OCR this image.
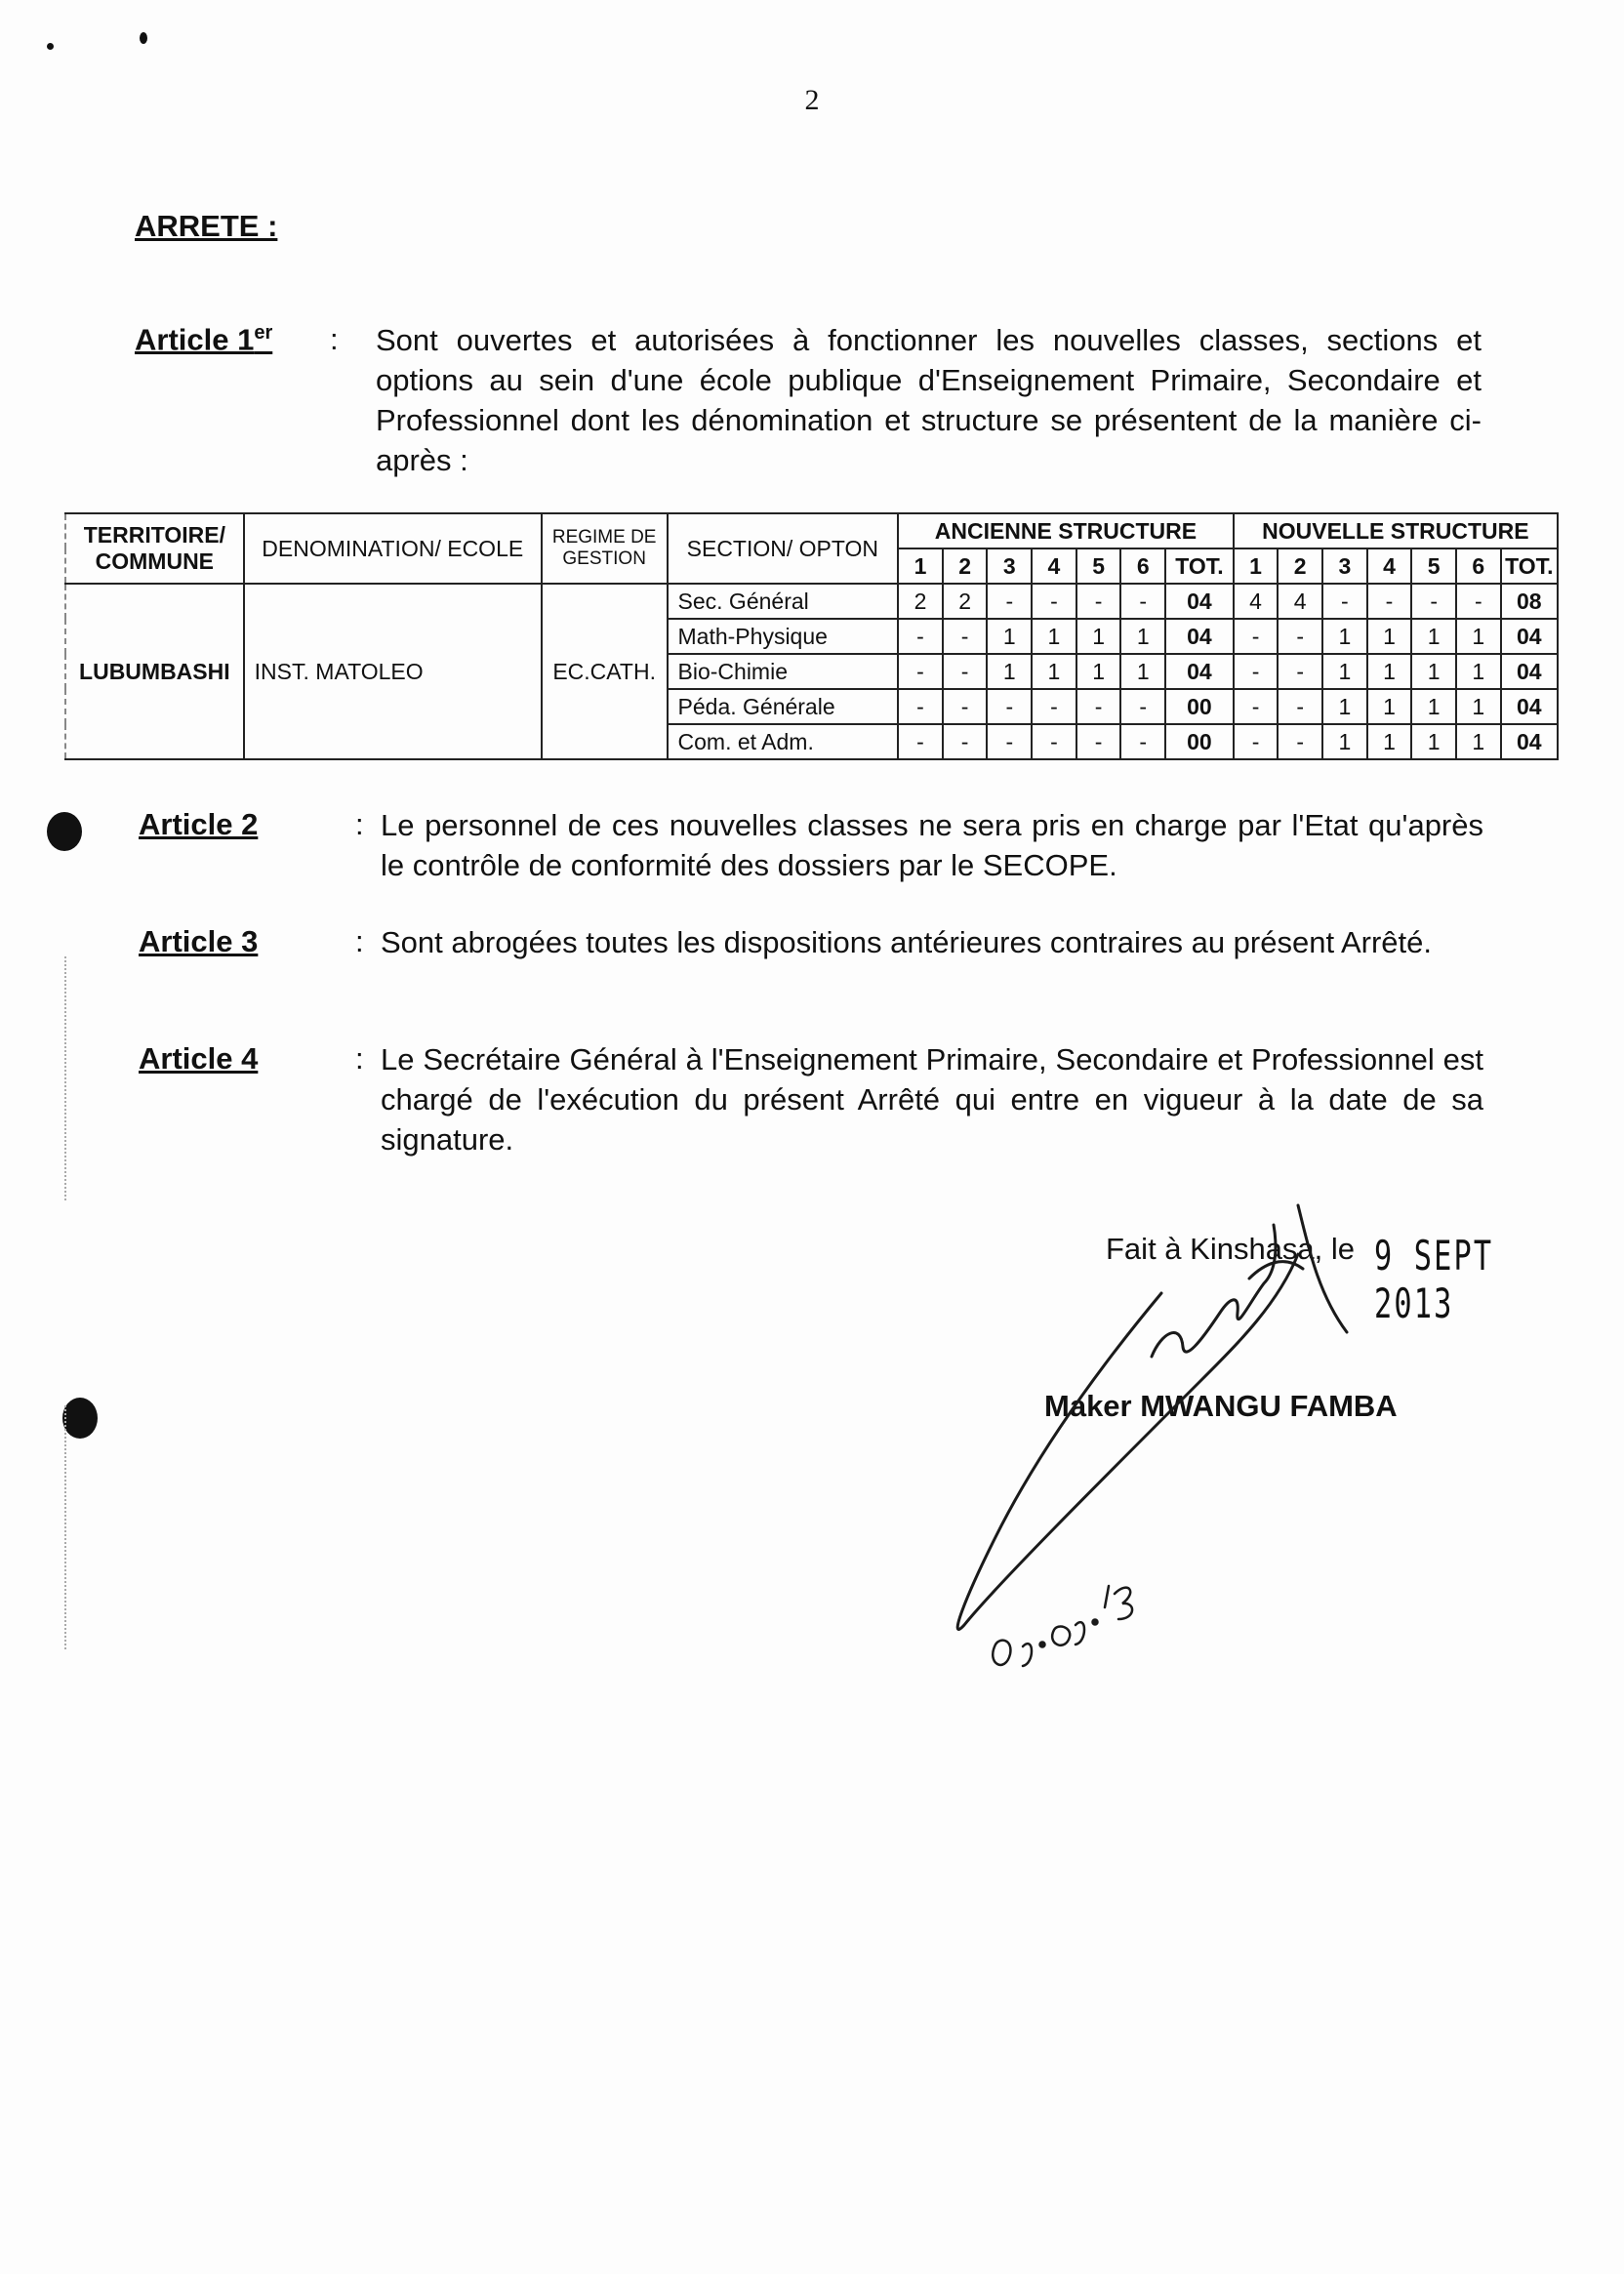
2
ARRETE :
Article 1er : Sont ouvertes et autorisées à fonctionner les nouvelles classes, sections et options au sein d'une école publique d'Enseignement Primaire, Secondaire et Professionnel dont les dénomination et structure se présentent de la manière ci-après :
TERRITOIRE/ COMMUNE	DENOMINATION/ ECOLE	REGIME DE GESTION	SECTION/ OPTON	ANCIENNE STRUCTURE							NOUVELLE STRUCTURE						
				1	2	3	4	5	6	TOT.	1	2	3	4	5	6	TOT.
LUBUMBASHI	INST. MATOLEO	EC.CATH.	Sec. Général	2	2	-	-	-	-	04	4	4	-	-	-	-	08
			Math-Physique	-	-	1	1	1	1	04	-	-	1	1	1	1	04
			Bio-Chimie	-	-	1	1	1	1	04	-	-	1	1	1	1	04
			Péda. Générale	-	-	-	-	-	-	00	-	-	1	1	1	1	04
			Com. et Adm.	-	-	-	-	-	-	00	-	-	1	1	1	1	04
Article 2	: Le personnel de ces nouvelles classes ne sera pris en charge par l'Etat qu'après le contrôle de conformité des dossiers par le SECOPE.
Article 3	: Sont abrogées toutes les dispositions antérieures contraires au présent Arrêté.
Article 4	: Le Secrétaire Général à l'Enseignement Primaire, Secondaire et Professionnel est chargé de l'exécution du présent Arrêté qui entre en vigueur à la date de sa signature.
Fait à Kinshasa, le 9 SEPT 2013
Maker MWANGU FAMBA
